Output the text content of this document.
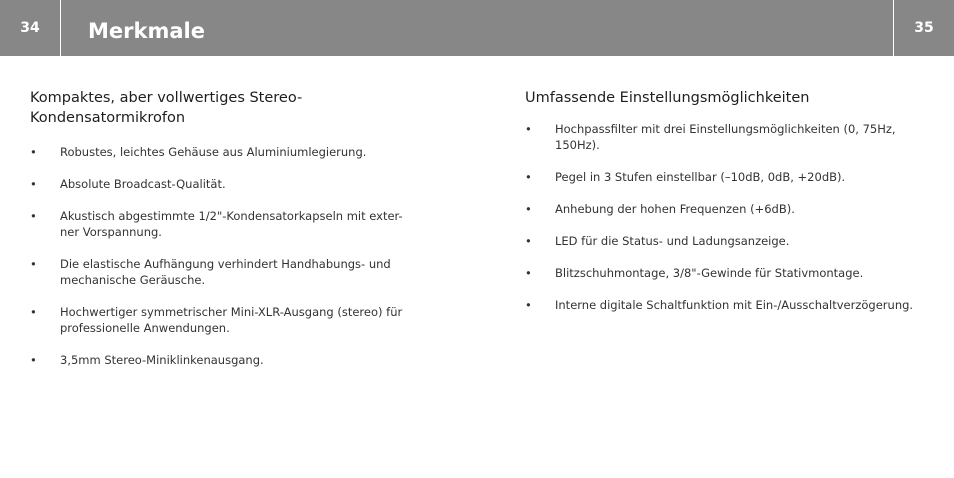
34	Merkmale	35
Kompaktes, aber vollwertiges Stereo-
Kondensatormikrofon
• Robustes, leichtes Gehäuse aus Aluminiumlegierung.
• Absolute Broadcast-Qualität.
• Akustisch abgestimmte 1/2"-Kondensatorkapseln mit exter-
ner Vorspannung.
• Die elastische Aufhängung verhindert Handhabungs- und
mechanische Geräusche.
• Hochwertiger symmetrischer Mini-XLR-Ausgang (stereo) für
professionelle Anwendungen.
• 3,5mm Stereo-Miniklinkenausgang.
Umfassende Einstellungsmöglichkeiten
• Hochpassfilter mit drei Einstellungsmöglichkeiten (0, 75Hz,
150Hz).
• Pegel in 3 Stufen einstellbar (–10dB, 0dB, +20dB).
• Anhebung der hohen Frequenzen (+6dB).
• LED für die Status- und Ladungsanzeige.
• Blitzschuhmontage, 3/8"-Gewinde für Stativmontage.
• Interne digitale Schaltfunktion mit Ein-/Ausschaltverzögerung.
